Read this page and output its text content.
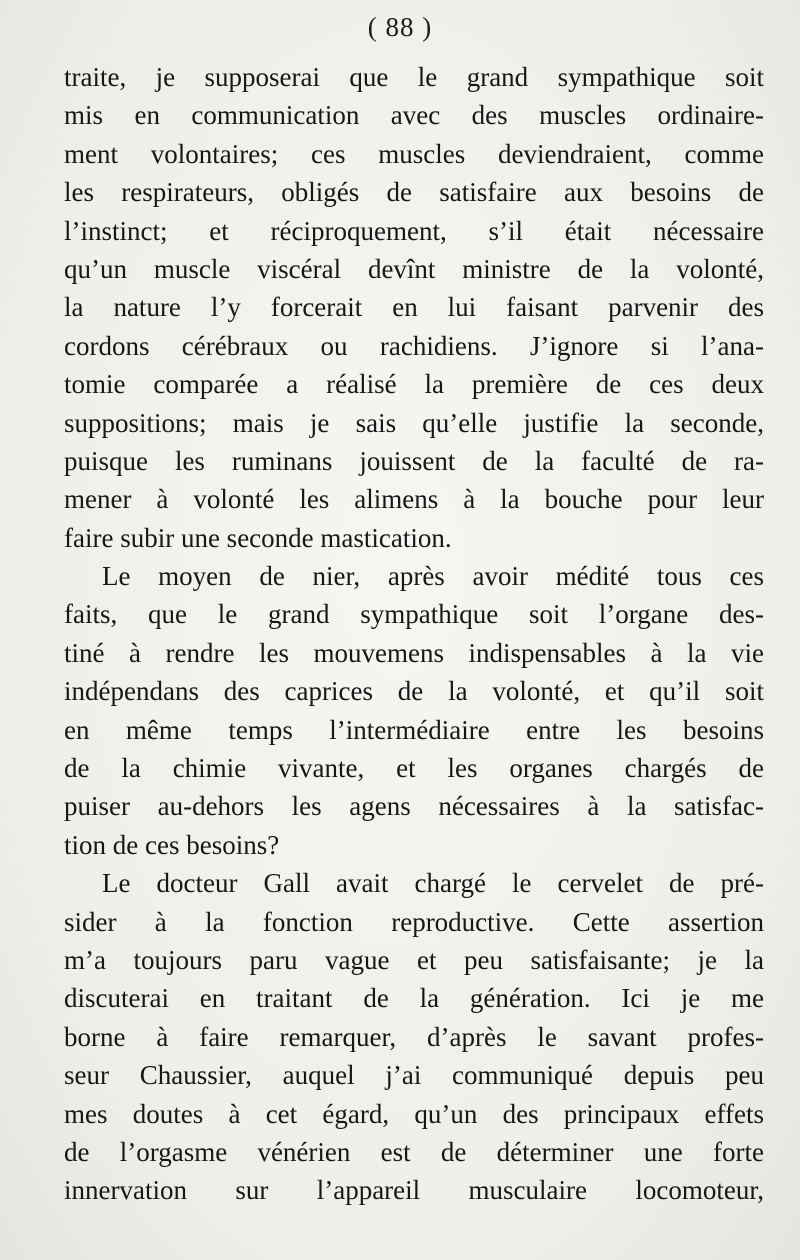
( 88 )
traite, je supposerai que le grand sympathique soit
mis en communication avec des muscles ordinaire-
ment volontaires; ces muscles deviendraient, comme
les respirateurs, obligés de satisfaire aux besoins de
l’instinct; et réciproquement, s’il était nécessaire
qu’un muscle viscéral devînt ministre de la volonté,
la nature l’y forcerait en lui faisant parvenir des
cordons cérébraux ou rachidiens. J’ignore si l’ana-
tomie comparée a réalisé la première de ces deux
suppositions; mais je sais qu’elle justifie la seconde,
puisque les ruminans jouissent de la faculté de ra-
mener à volonté les alimens à la bouche pour leur
faire subir une seconde mastication.
Le moyen de nier, après avoir médité tous ces
faits, que le grand sympathique soit l’organe des-
tiné à rendre les mouvemens indispensables à la vie
indépendans des caprices de la volonté, et qu’il soit
en même temps l’intermédiaire entre les besoins
de la chimie vivante, et les organes chargés de
puiser au-dehors les agens nécessaires à la satisfac-
tion de ces besoins?
Le docteur Gall avait chargé le cervelet de pré-
sider à la fonction reproductive. Cette assertion
m’a toujours paru vague et peu satisfaisante; je la
discuterai en traitant de la génération. Ici je me
borne à faire remarquer, d’après le savant profes-
seur Chaussier, auquel j’ai communiqué depuis peu
mes doutes à cet égard, qu’un des principaux effets
de l’orgasme vénérien est de déterminer une forte
innervation sur l’appareil musculaire locomoteur,
